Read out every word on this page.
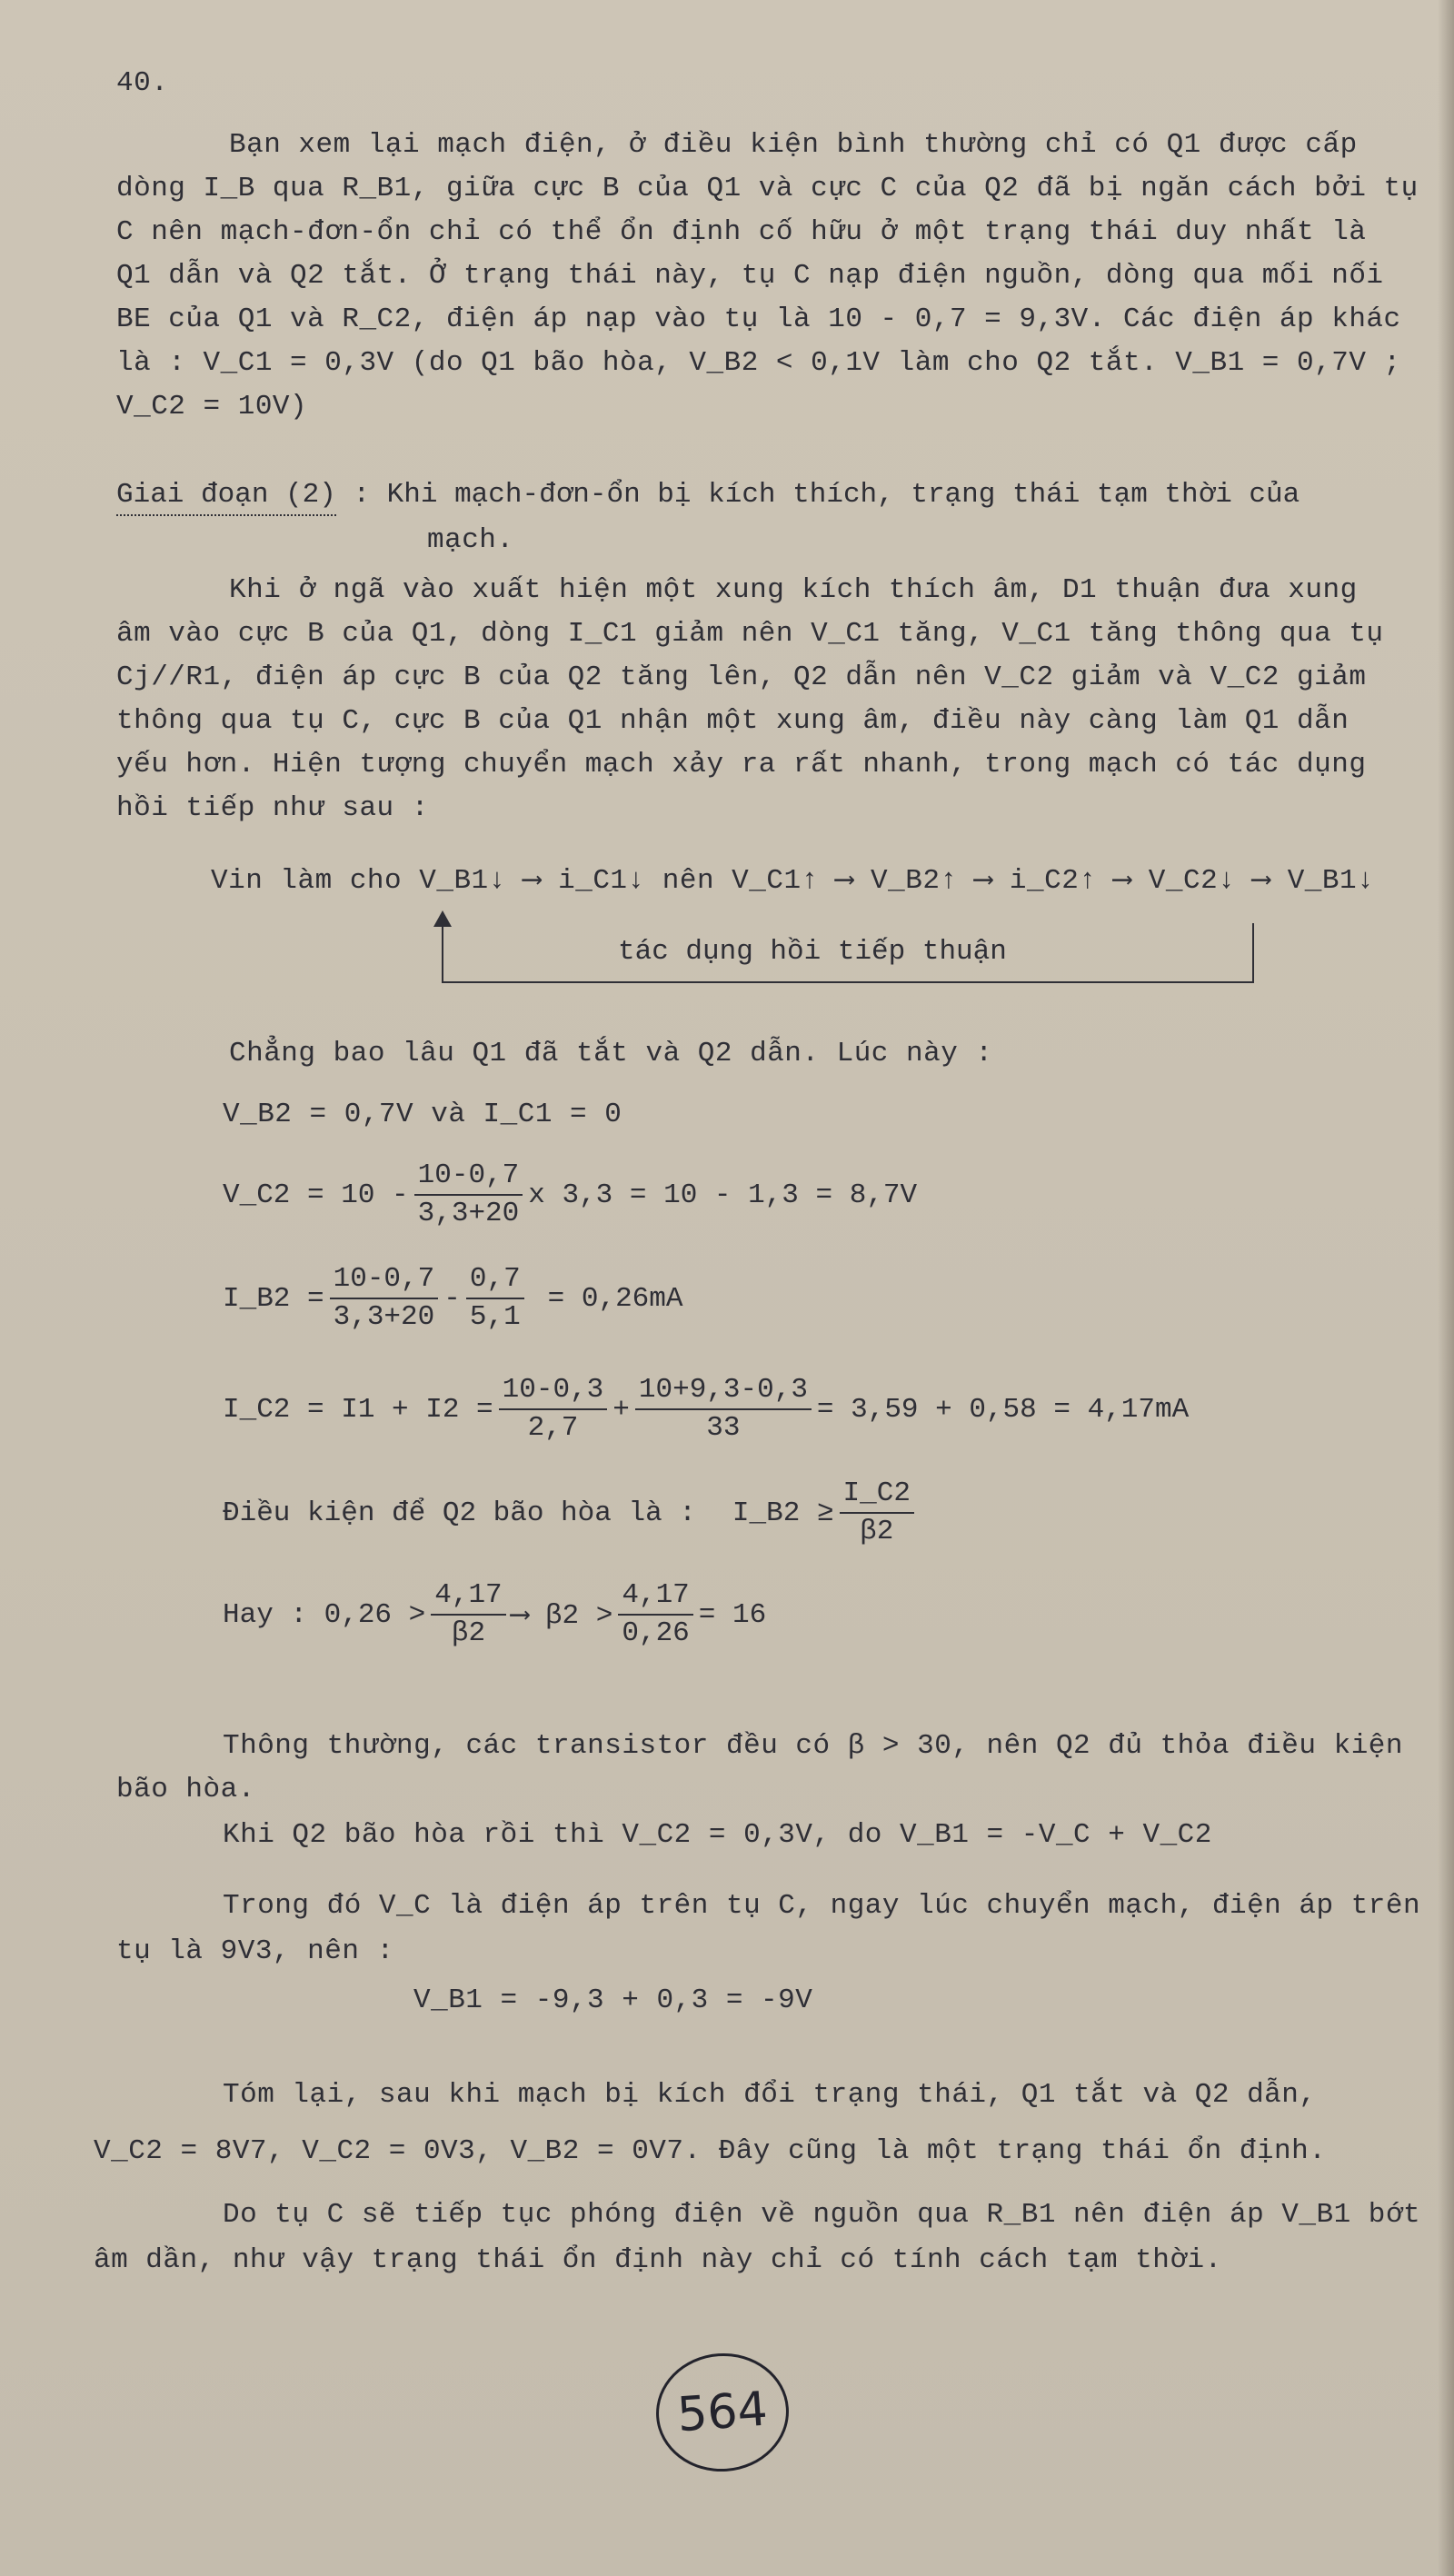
40.
Bạn xem lại mạch điện, ở điều kiện bình thường chỉ có Q1 được cấp
dòng I_B qua R_B1, giữa cực B của Q1 và cực C của Q2 đã bị ngăn cách bởi tụ
C nên mạch-đơn-ổn chỉ có thể ổn định cố hữu ở một trạng thái duy nhất là
Q1 dẫn và Q2 tắt. Ở trạng thái này, tụ C nạp điện nguồn, dòng qua mối nối
BE của Q1 và R_C2, điện áp nạp vào tụ là 10 - 0,7 = 9,3V. Các điện áp khác
là : V_C1 = 0,3V (do Q1 bão hòa, V_B2 < 0,1V làm cho Q2 tắt. V_B1 = 0,7V ;
V_C2 = 10V)
Giai đoạn (2) : Khi mạch-đơn-ổn bị kích thích, trạng thái tạm thời của
mạch.
Khi ở ngã vào xuất hiện một xung kích thích âm, D1 thuận đưa xung
âm vào cực B của Q1, dòng I_C1 giảm nên V_C1 tăng, V_C1 tăng thông qua tụ
Cj//R1, điện áp cực B của Q2 tăng lên, Q2 dẫn nên V_C2 giảm và V_C2 giảm
thông qua tụ C, cực B của Q1 nhận một xung âm, điều này càng làm Q1 dẫn
yếu hơn. Hiện tượng chuyển mạch xảy ra rất nhanh, trong mạch có tác dụng
hồi tiếp như sau :
Vin làm cho V_B1↓ ⟶ i_C1↓ nên V_C1↑ ⟶ V_B2↑ ⟶ i_C2↑ ⟶ V_C2↓ ⟶ V_B1↓
tác dụng hồi tiếp thuận
Chẳng bao lâu Q1 đã tắt và Q2 dẫn. Lúc này :
V_B2 = 0,7V và I_C1 = 0
V_C2 = $10 - \frac{10-0,7}{3,3+20}$ x 3,3 = 10 - 1,3 = 8,7V
I_B2 = $\frac{10-0,7}{3,3+20} - \frac{0,7}{5,1} = 0,26mA$
I_C2 = $I1 + I2 = \frac{10-0,3}{2,7} + \frac{10+9,3-0,3}{33} = 3,59 + 0,58 = 4,17mA$
Điều kiện để Q2 bão hòa là : I_B2 ≥ $\frac{I\_C2}{\beta 2}$
Hay : $0,26 > \frac{4,17}{\beta 2}$ ⟶ $\beta 2 > \frac{4,17}{0,26} = 16$
Thông thường, các transistor đều có β > 30, nên Q2 đủ thỏa điều kiện
bão hòa.
Khi Q2 bão hòa rồi thì V_C2 = 0,3V, do V_B1 = -V_C + V_C2
Trong đó V_C là điện áp trên tụ C, ngay lúc chuyển mạch, điện áp trên
tụ là 9V3, nên :
V_B1 = -9,3 + 0,3 = -9V
Tóm lại, sau khi mạch bị kích đổi trạng thái, Q1 tắt và Q2 dẫn,
V_C2 = 8V7, V_C2 = 0V3, V_B2 = 0V7. Đây cũng là một trạng thái ổn định.
Do tụ C sẽ tiếp tục phóng điện về nguồn qua R_B1 nên điện áp V_B1 bớt
âm dần, như vậy trạng thái ổn định này chỉ có tính cách tạm thời.
564
